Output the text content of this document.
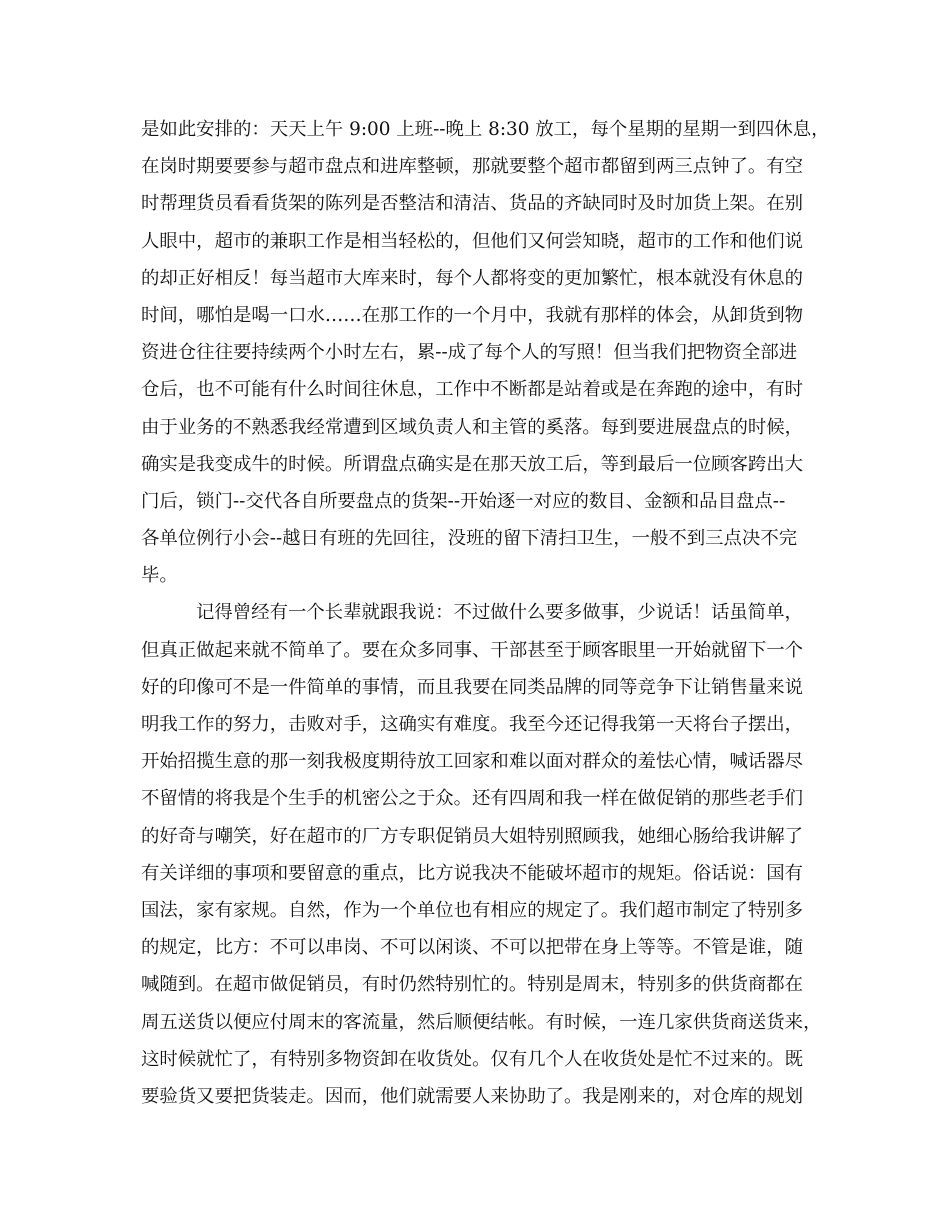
是如此安排的：天天上午 9:00 上班--晚上 8:30 放工，每个星期的星期一到四休息，
在岗时期要要参与超市盘点和进库整顿，那就要整个超市都留到两三点钟了。有空
时帮理货员看看货架的陈列是否整洁和清洁、货品的齐缺同时及时加货上架。在别
人眼中，超市的兼职工作是相当轻松的，但他们又何尝知晓，超市的工作和他们说
的却正好相反！每当超市大库来时，每个人都将变的更加繁忙，根本就没有休息的
时间，哪怕是喝一口水……在那工作的一个月中，我就有那样的体会，从卸货到物
资进仓往往要持续两个小时左右，累--成了每个人的写照！但当我们把物资全部进
仓后，也不可能有什么时间往休息，工作中不断都是站着或是在奔跑的途中，有时
由于业务的不熟悉我经常遭到区域负责人和主管的奚落。每到要进展盘点的时候，
确实是我变成牛的时候。所谓盘点确实是在那天放工后，等到最后一位顾客跨出大
门后，锁门--交代各自所要盘点的货架--开始逐一对应的数目、金额和品目盘点--
各单位例行小会--越日有班的先回往，没班的留下清扫卫生，一般不到三点决不完
毕。
记得曾经有一个长辈就跟我说：不过做什么要多做事，少说话！话虽简单，
但真正做起来就不简单了。要在众多同事、干部甚至于顾客眼里一开始就留下一个
好的印像可不是一件简单的事情，而且我要在同类品牌的同等竞争下让销售量来说
明我工作的努力，击败对手，这确实有难度。我至今还记得我第一天将台子摆出，
开始招揽生意的那一刻我极度期待放工回家和难以面对群众的羞怯心情，喊话器尽
不留情的将我是个生手的机密公之于众。还有四周和我一样在做促销的那些老手们
的好奇与嘲笑，好在超市的厂方专职促销员大姐特别照顾我，她细心肠给我讲解了
有关详细的事项和要留意的重点，比方说我决不能破坏超市的规矩。俗话说：国有
国法，家有家规。自然，作为一个单位也有相应的规定了。我们超市制定了特别多
的规定，比方：不可以串岗、不可以闲谈、不可以把带在身上等等。不管是谁，随
喊随到。在超市做促销员，有时仍然特别忙的。特别是周末，特别多的供货商都在
周五送货以便应付周末的客流量，然后顺便结帐。有时候，一连几家供货商送货来，
这时候就忙了，有特别多物资卸在收货处。仅有几个人在收货处是忙不过来的。既
要验货又要把货装走。因而，他们就需要人来协助了。我是刚来的，对仓库的规划
